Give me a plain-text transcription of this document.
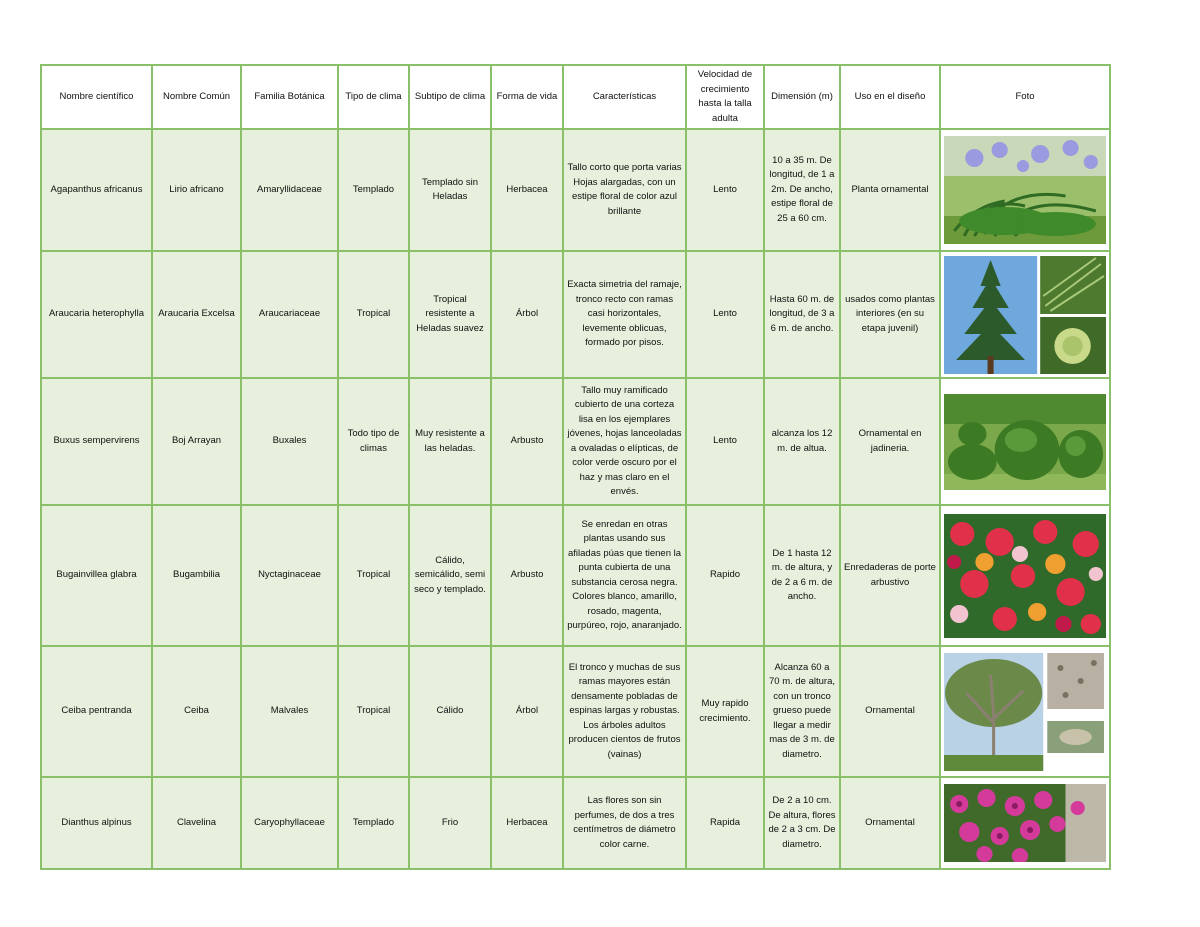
Nombre científico	Nombre Común	Familia Botánica	Tipo de clima	Subtipo de clima	Forma de vida	Características	Velocidad de crecimiento hasta la talla adulta	Dimensión (m)	Uso en el diseño	Foto
Agapanthus africanus	Lirio africano	Amaryllidaceae	Templado	Templado sin Heladas	Herbacea	Tallo corto que porta varias Hojas alargadas, con un estipe floral de color azul brillante	Lento	10 a 35 m. De longitud, de 1 a 2m. De ancho, estipe floral de 25 a 60 cm.	Planta ornamental	

Araucaria heterophylla	Araucaria Excelsa	Araucariaceae	Tropical	Tropical resistente a Heladas suavez	Árbol	Exacta simetria del ramaje, tronco recto con ramas casi horizontales, levemente oblicuas, formado por pisos.	Lento	Hasta 60 m. de longitud, de 3 a 6 m. de ancho.	usados como plantas interiores (en su etapa juvenil)	

Buxus sempervirens	Boj Arrayan	Buxales	Todo tipo de climas	Muy resistente a las heladas.	Arbusto	Tallo muy ramificado cubierto de una corteza lisa en los ejemplares jóvenes, hojas lanceoladas a ovaladas o elípticas, de color verde oscuro por el haz y mas claro en el envés.	Lento	alcanza los 12 m. de altua.	Ornamental en jadineria.	

Bugainvillea glabra	Bugambilia	Nyctaginaceae	Tropical	Cálido, semicálido, semi seco y templado.	Arbusto	Se enredan en otras plantas usando sus afiladas púas que tienen la punta cubierta de una substancia cerosa negra. Colores blanco, amarillo, rosado, magenta, purpúreo, rojo, anaranjado.	Rapido	De 1 hasta 12 m. de altura, y de 2 a 6 m. de ancho.	Enredaderas de porte arbustivo	

Ceiba pentranda	Ceiba	Malvales	Tropical	Cálido	Árbol	El tronco y muchas de sus ramas mayores están densamente pobladas de espinas largas y robustas. Los árboles adultos producen cientos de frutos (vainas)	Muy rapido crecimiento.	Alcanza 60 a 70 m. de altura, con un tronco grueso puede llegar a medir mas de 3 m. de diametro.	Ornamental	

Dianthus alpinus	Clavelina	Caryophyllaceae	Templado	Frio	Herbacea	Las flores son sin perfumes, de dos a tres centímetros de diámetro color carne.	Rapida	De 2 a 10 cm. De altura, flores de 2 a 3 cm. De diametro.	Ornamental	
